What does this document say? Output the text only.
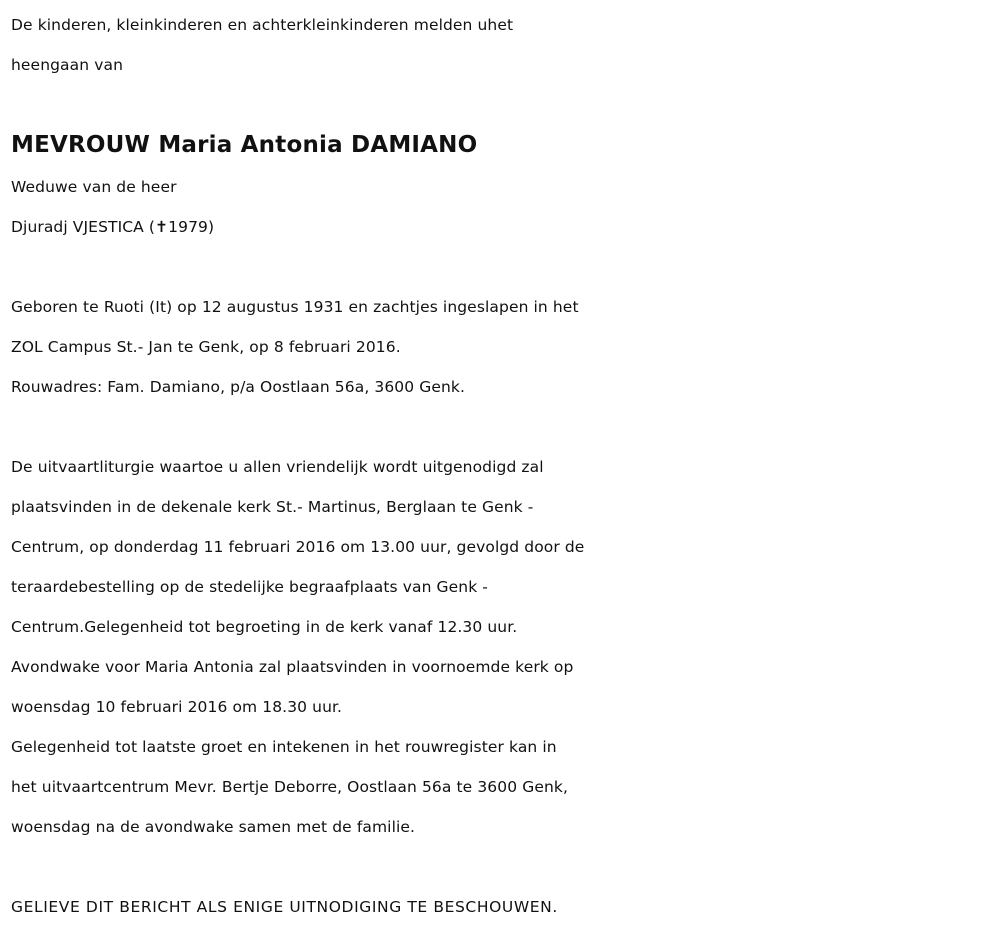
De kinderen, kleinkinderen en achterkleinkinderen melden uhet
heengaan van
MEVROUW Maria Antonia DAMIANO
Weduwe van de heer
Djuradj VJESTICA (✝1979)
Geboren te Ruoti (It) op 12 augustus 1931 en zachtjes ingeslapen in het
ZOL Campus St.- Jan te Genk, op 8 februari 2016.
Rouwadres: Fam. Damiano, p/a Oostlaan 56a, 3600 Genk.
De uitvaartliturgie waartoe u allen vriendelijk wordt uitgenodigd zal
plaatsvinden in de dekenale kerk St.- Martinus, Berglaan te Genk -
Centrum, op donderdag 11 februari 2016 om 13.00 uur, gevolgd door de
teraardebestelling op de stedelijke begraafplaats van Genk -
Centrum.Gelegenheid tot begroeting in de kerk vanaf 12.30 uur.
Avondwake voor Maria Antonia zal plaatsvinden in voornoemde kerk op
woensdag 10 februari 2016 om 18.30 uur.
Gelegenheid tot laatste groet en intekenen in het rouwregister kan in
het uitvaartcentrum Mevr. Bertje Deborre, Oostlaan 56a te 3600 Genk,
woensdag na de avondwake samen met de familie.
GELIEVE DIT BERICHT ALS ENIGE UITNODIGING TE BESCHOUWEN.
